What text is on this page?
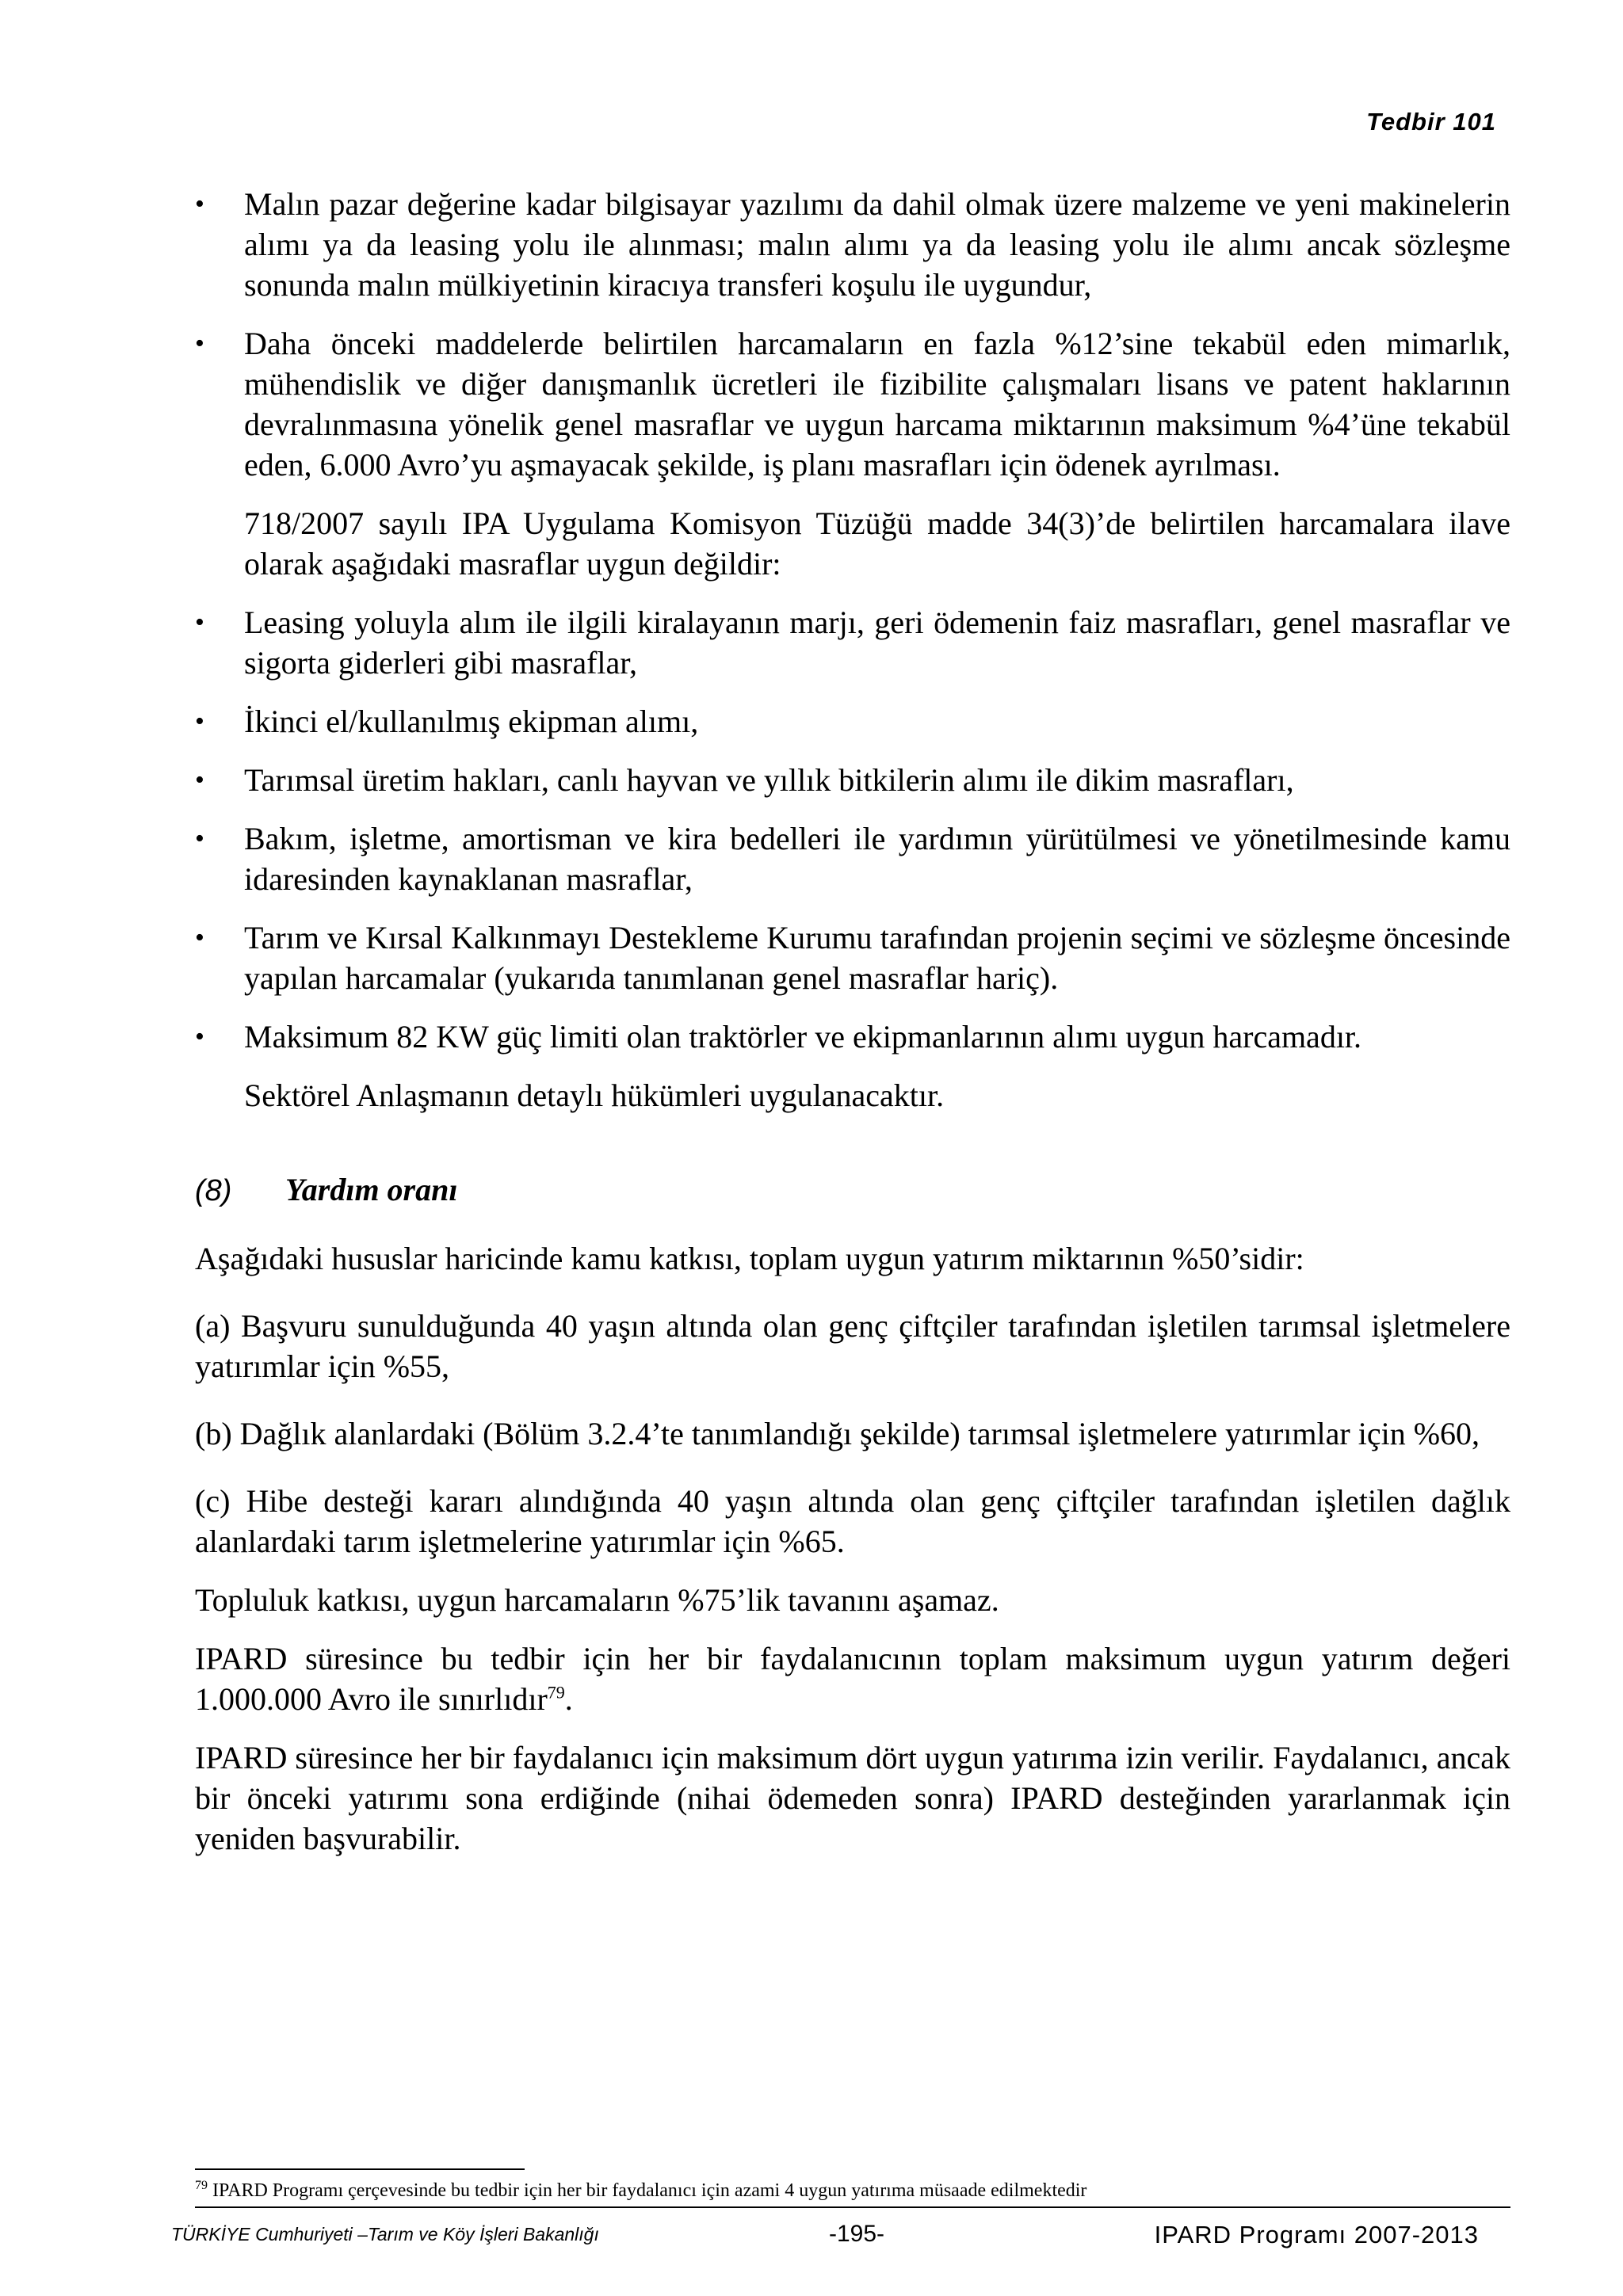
Tedbir 101
• Malın pazar değerine kadar bilgisayar yazılımı da dahil olmak üzere malzeme ve yeni makinelerin alımı ya da leasing yolu ile alınması; malın alımı ya da leasing yolu ile alımı ancak sözleşme sonunda malın mülkiyetinin kiracıya transferi koşulu ile uygundur,
• Daha önceki maddelerde belirtilen harcamaların en fazla %12’sine tekabül eden mimarlık, mühendislik ve diğer danışmanlık ücretleri ile fizibilite çalışmaları lisans ve patent haklarının devralınmasına yönelik genel masraflar ve uygun harcama miktarının maksimum %4’üne tekabül eden, 6.000 Avro’yu aşmayacak şekilde, iş planı masrafları için ödenek ayrılması.
718/2007 sayılı IPA Uygulama Komisyon Tüzüğü madde 34(3)’de belirtilen harcamalara ilave olarak aşağıdaki masraflar uygun değildir:
• Leasing yoluyla alım ile ilgili kiralayanın marjı, geri ödemenin faiz masrafları, genel masraflar ve sigorta giderleri gibi masraflar,
• İkinci el/kullanılmış ekipman alımı,
• Tarımsal üretim hakları, canlı hayvan ve yıllık bitkilerin alımı ile dikim masrafları,
• Bakım, işletme, amortisman ve kira bedelleri ile yardımın yürütülmesi ve yönetilmesinde kamu idaresinden kaynaklanan masraflar,
• Tarım ve Kırsal Kalkınmayı Destekleme Kurumu tarafından projenin seçimi ve sözleşme öncesinde yapılan harcamalar (yukarıda tanımlanan genel masraflar hariç).
• Maksimum 82 KW güç limiti olan traktörler ve ekipmanlarının alımı uygun harcamadır.
Sektörel Anlaşmanın detaylı hükümleri uygulanacaktır.
(8) Yardım oranı
Aşağıdaki hususlar haricinde kamu katkısı, toplam uygun yatırım miktarının %50’sidir:
(a) Başvuru sunulduğunda 40 yaşın altında olan genç çiftçiler tarafından işletilen tarımsal işletmelere yatırımlar için %55,
(b) Dağlık alanlardaki (Bölüm 3.2.4’te tanımlandığı şekilde) tarımsal işletmelere yatırımlar için %60,
(c) Hibe desteği kararı alındığında 40 yaşın altında olan genç çiftçiler tarafından işletilen dağlık alanlardaki tarım işletmelerine yatırımlar için %65.
Topluluk katkısı, uygun harcamaların %75’lik tavanını aşamaz.
IPARD süresince bu tedbir için her bir faydalanıcının toplam maksimum uygun yatırım değeri 1.000.000 Avro ile sınırlıdır$^{79}$.
IPARD süresince her bir faydalanıcı için maksimum dört uygun yatırıma izin verilir. Faydalanıcı, ancak bir önceki yatırımı sona erdiğinde (nihai ödemeden sonra) IPARD desteğinden yararlanmak için yeniden başvurabilir.
$^{79}$ IPARD Programı çerçevesinde bu tedbir için her bir faydalanıcı için azami 4 uygun yatırıma müsaade edilmektedir
TÜRKİYE Cumhuriyeti –Tarım ve Köy İşleri Bakanlığı	-195-	IPARD Programı 2007-2013
